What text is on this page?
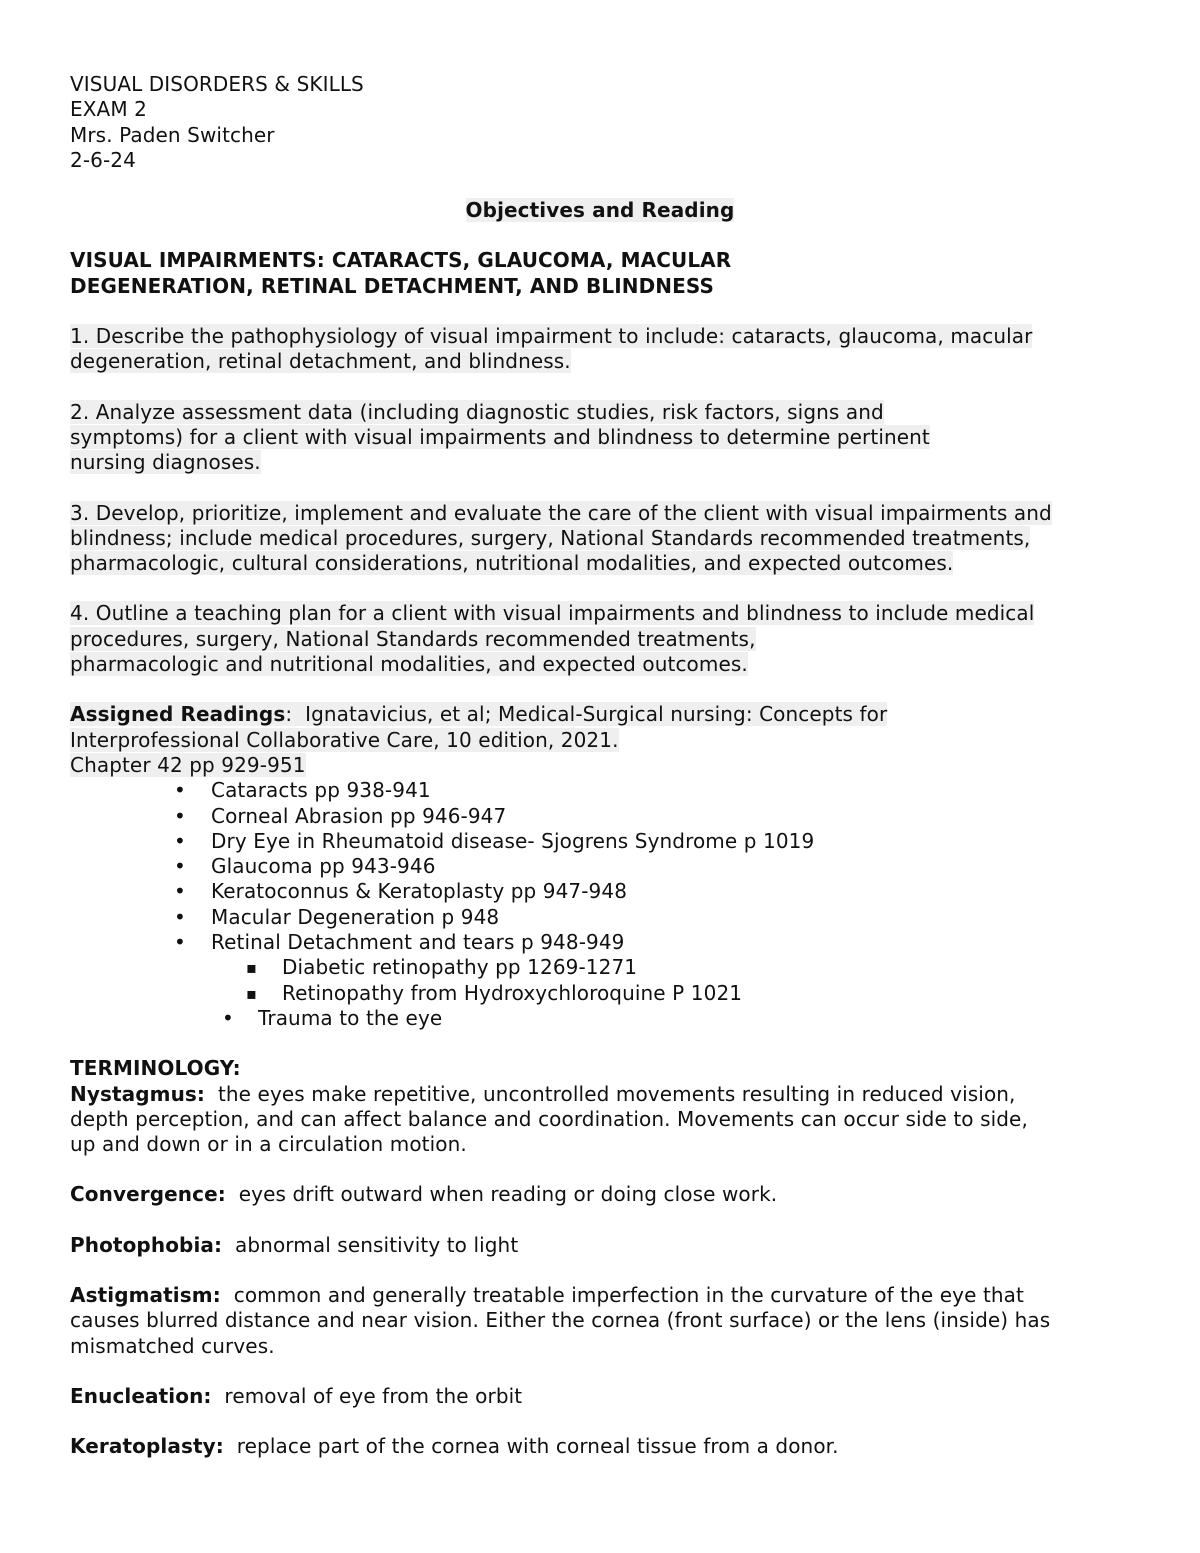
VISUAL DISORDERS & SKILLS
EXAM 2
Mrs. Paden Switcher
2-6-24
Objectives and Reading
VISUAL IMPAIRMENTS: CATARACTS, GLAUCOMA, MACULAR
DEGENERATION, RETINAL DETACHMENT, AND BLINDNESS
1. Describe the pathophysiology of visual impairment to include: cataracts, glaucoma, macular
degeneration, retinal detachment, and blindness.
2. Analyze assessment data (including diagnostic studies, risk factors, signs and
symptoms) for a client with visual impairments and blindness to determine pertinent
nursing diagnoses.
3. Develop, prioritize, implement and evaluate the care of the client with visual impairments and
blindness; include medical procedures, surgery, National Standards recommended treatments,
pharmacologic, cultural considerations, nutritional modalities, and expected outcomes.
4. Outline a teaching plan for a client with visual impairments and blindness to include medical
procedures, surgery, National Standards recommended treatments,
pharmacologic and nutritional modalities, and expected outcomes.
Assigned Readings:  Ignatavicius, et al; Medical-Surgical nursing: Concepts for
Interprofessional Collaborative Care, 10 edition, 2021.
Chapter 42 pp 929-951
• Cataracts pp 938-941
• Corneal Abrasion pp 946-947
• Dry Eye in Rheumatoid disease- Sjogrens Syndrome p 1019
• Glaucoma pp 943-946
• Keratoconnus & Keratoplasty pp 947-948
• Macular Degeneration p 948
• Retinal Detachment and tears p 948-949
▪ Diabetic retinopathy pp 1269-1271
▪ Retinopathy from Hydroxychloroquine P 1021
• Trauma to the eye
TERMINOLOGY:
Nystagmus:  the eyes make repetitive, uncontrolled movements resulting in reduced vision,
depth perception, and can affect balance and coordination. Movements can occur side to side,
up and down or in a circulation motion.
Convergence:  eyes drift outward when reading or doing close work.
Photophobia:  abnormal sensitivity to light
Astigmatism:  common and generally treatable imperfection in the curvature of the eye that
causes blurred distance and near vision. Either the cornea (front surface) or the lens (inside) has
mismatched curves.
Enucleation:  removal of eye from the orbit
Keratoplasty:  replace part of the cornea with corneal tissue from a donor.
